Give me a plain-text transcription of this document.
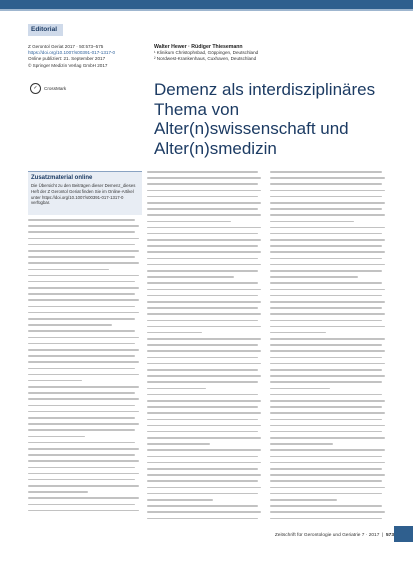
Editorial
Z Gerontol Geriat 2017 · 50:573–575
https://doi.org/10.1007/s00391-017-1317-0
Online publiziert: 21. September 2017
© Springer Medizin Verlag GmbH 2017
Walter Hewer · Rüdiger Thiesemann
¹ Klinikum Christophsbad, Göppingen, Deutschland
² Nordwest-Krankenhaus, Cuxhaven, Deutschland
✓	CrossMark	Demenz als interdisziplinäres Thema von Alter(n)swissenschaft und Alter(n)smedizin
Zusatzmaterial online
Die Übersicht zu den Beiträgen dieser Demenz_dieses Heft der Z Gerontol Geriat finden Sie im Online-Artikel unter https://doi.org/10.1007/s00391-017-1317-0 verfügbar.
Zeitschrift für Gerontologie und Geriatrie 7 · 2017  |  573
